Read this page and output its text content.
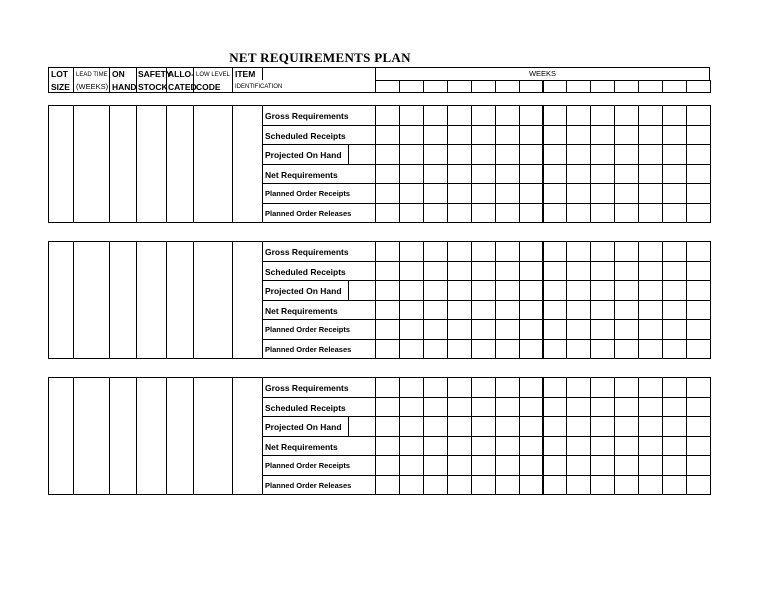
NET REQUIREMENTS PLAN
LOT
SIZE
LEAD TIME
(WEEKS)
ON
HAND
SAFETY
STOCK
ALLO-
CATED
LOW LEVEL
CODE
ITEM
IDENTIFICATION
WEEKS
Gross Requirements
Scheduled Receipts
Projected On Hand
Net Requirements
Planned Order Receipts
Planned Order Releases
Gross Requirements
Scheduled Receipts
Projected On Hand
Net Requirements
Planned Order Receipts
Planned Order Releases
Gross Requirements
Scheduled Receipts
Projected On Hand
Net Requirements
Planned Order Receipts
Planned Order Releases
